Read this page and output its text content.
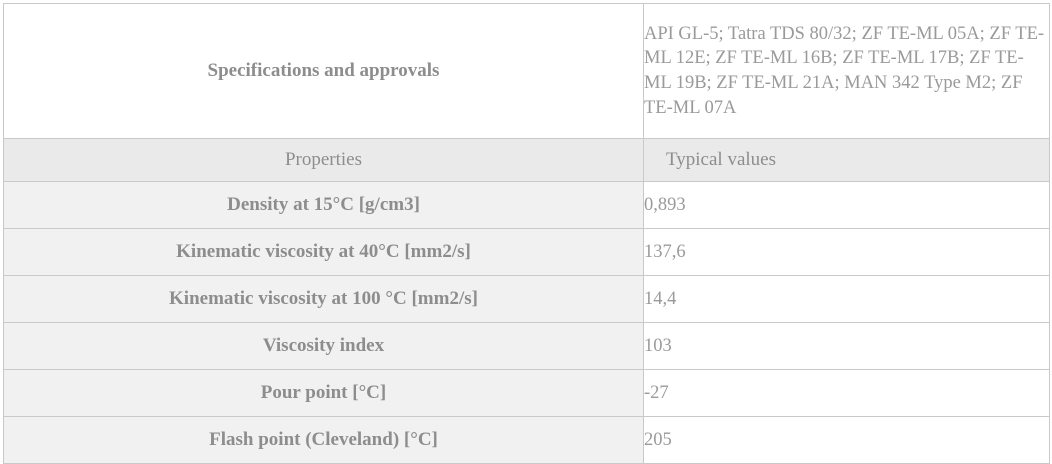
Specifications and approvals	API GL-5; Tatra TDS 80/32; ZF TE-ML 05A; ZF TE-ML 12E; ZF TE-ML 16B; ZF TE-ML 17B; ZF TE-ML 19B; ZF TE-ML 21A; MAN 342 Type M2; ZF TE-ML 07A
Properties	Typical values
Density at 15°C [g/cm3]	0,893
Kinematic viscosity at 40°C [mm2/s]	137,6
Kinematic viscosity at 100 °C [mm2/s]	14,4
Viscosity index	103
Pour point [°C]	-27
Flash point (Cleveland) [°C]	205
